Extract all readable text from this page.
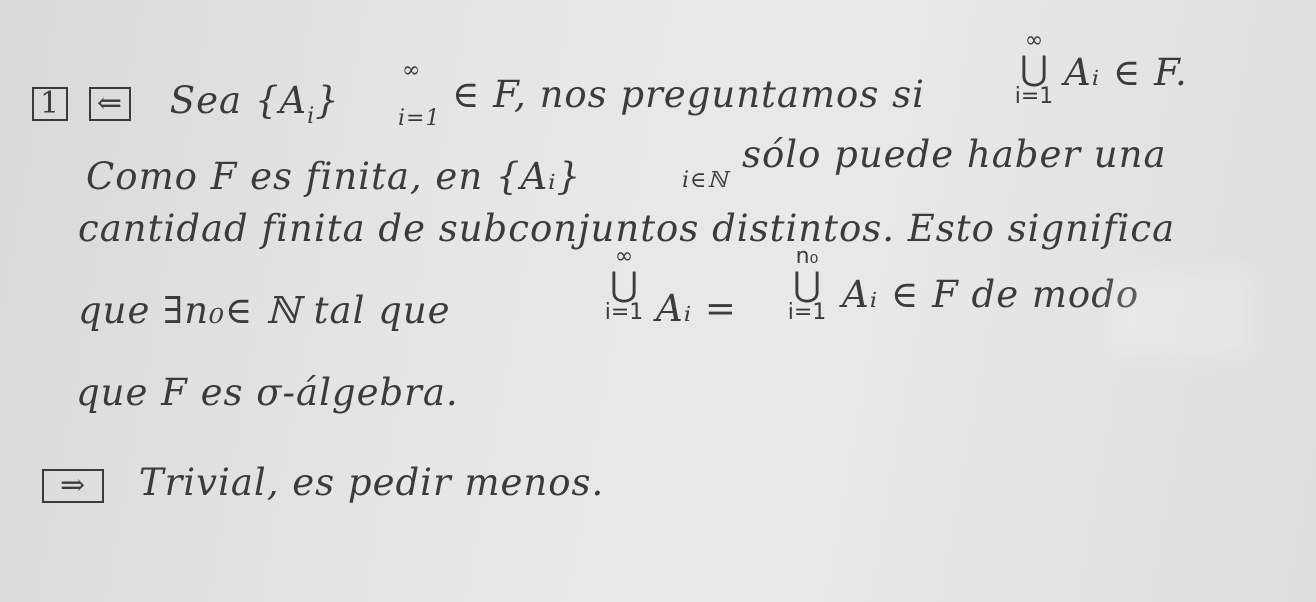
1 ⇐ Sea $\{A_i\}$
∞
i=1
∈ F, nos preguntamos si
∞
⋃
i=1
Aᵢ ∈ F.
Como F es finita, en {Aᵢ}	i∈ℕ
sólo puede haber una
cantidad finita de subconjuntos distintos. Esto significa
que ∃n₀∈ ℕ tal que
∞
⋃
i=1 Aᵢ =
n₀
⋃
i=1 Aᵢ ∈ F de modo
que F es σ-álgebra.
⇒ Trivial, es pedir menos.
